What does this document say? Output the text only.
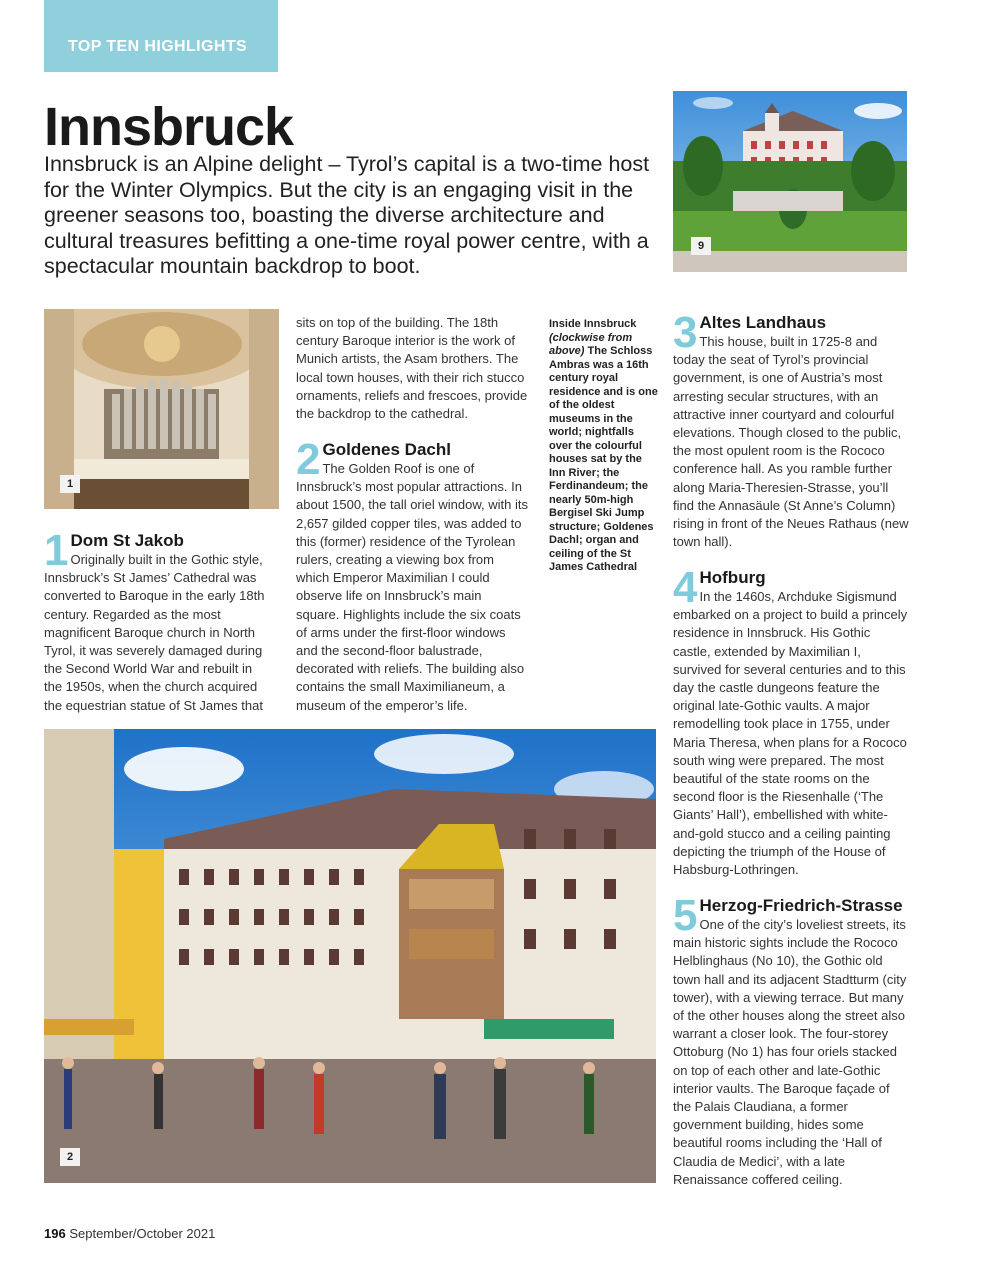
TOP TEN HIGHLIGHTS
Innsbruck
Innsbruck is an Alpine delight – Tyrol’s capital is a two-time host for the Winter Olympics. But the city is an engaging visit in the greener seasons too, boasting the diverse architecture and cultural treasures befitting a one-time royal power centre, with a spectacular mountain backdrop to boot.
9
1
1 Dom St Jakob

Originally built in the Gothic style, Innsbruck’s St James’ Cathedral was converted to Baroque in the early 18th century. Regarded as the most magnificent Baroque church in North Tyrol, it was severely damaged during the Second World War and rebuilt in the 1950s, when the church acquired the equestrian statue of St James that

sits on top of the building. The 18th century Baroque interior is the work of Munich artists, the Asam brothers. The local town houses, with their rich stucco ornaments, reliefs and frescoes, provide the backdrop to the cathedral.

2 Goldenes Dachl

The Golden Roof is one of Innsbruck’s most popular attractions. In about 1500, the tall oriel window, with its 2,657 gilded copper tiles, was added to this (former) residence of the Tyrolean rulers, creating a viewing box from which Emperor Maximilian I could observe life on Innsbruck’s main square. Highlights include the six coats of arms under the first-floor windows and the second-floor balustrade, decorated with reliefs. The building also contains the small Maximilianeum, a museum of the emperor’s life.

Inside Innsbruck (clockwise from above) The Schloss Ambras was a 16th century royal residence and is one of the oldest museums in the world; nightfalls over the colourful houses sat by the Inn River; the Ferdinandeum; the nearly 50m-high Bergisel Ski Jump structure; Goldenes Dachl; organ and ceiling of the St James Cathedral
3 Altes Landhaus

This house, built in 1725-8 and today the seat of Tyrol’s provincial government, is one of Austria’s most arresting secular structures, with an attractive inner courtyard and colourful elevations. Though closed to the public, the most opulent room is the Rococo conference hall. As you ramble further along Maria-Theresien-Strasse, you’ll find the Annasäule (St Anne’s Column) rising in front of the Neues Rathaus (new town hall).

4 Hofburg

In the 1460s, Archduke Sigismund embarked on a project to build a princely residence in Innsbruck. His Gothic castle, extended by Maximilian I, survived for several centuries and to this day the castle dungeons feature the original late-Gothic vaults. A major remodelling took place in 1755, under Maria Theresa, when plans for a Rococo south wing were prepared. The most beautiful of the state rooms on the second floor is the Riesenhalle (‘The Giants’ Hall’), embellished with white-and-gold stucco and a ceiling painting depicting the triumph of the House of Habsburg-Lothringen.

5 Herzog-Friedrich-Strasse

One of the city’s loveliest streets, its main historic sights include the Rococo Helblinghaus (No 10), the Gothic old town hall and its adjacent Stadtturm (city tower), with a viewing terrace. But many of the other houses along the street also warrant a closer look. The four-storey Ottoburg (No 1) has four oriels stacked on top of each other and late-Gothic interior vaults. The Baroque façade of the Palais Claudiana, a former government building, hides some beautiful rooms including the ‘Hall of Claudia de Medici’, with a late Renaissance coffered ceiling.

2
196 September/October 2021
